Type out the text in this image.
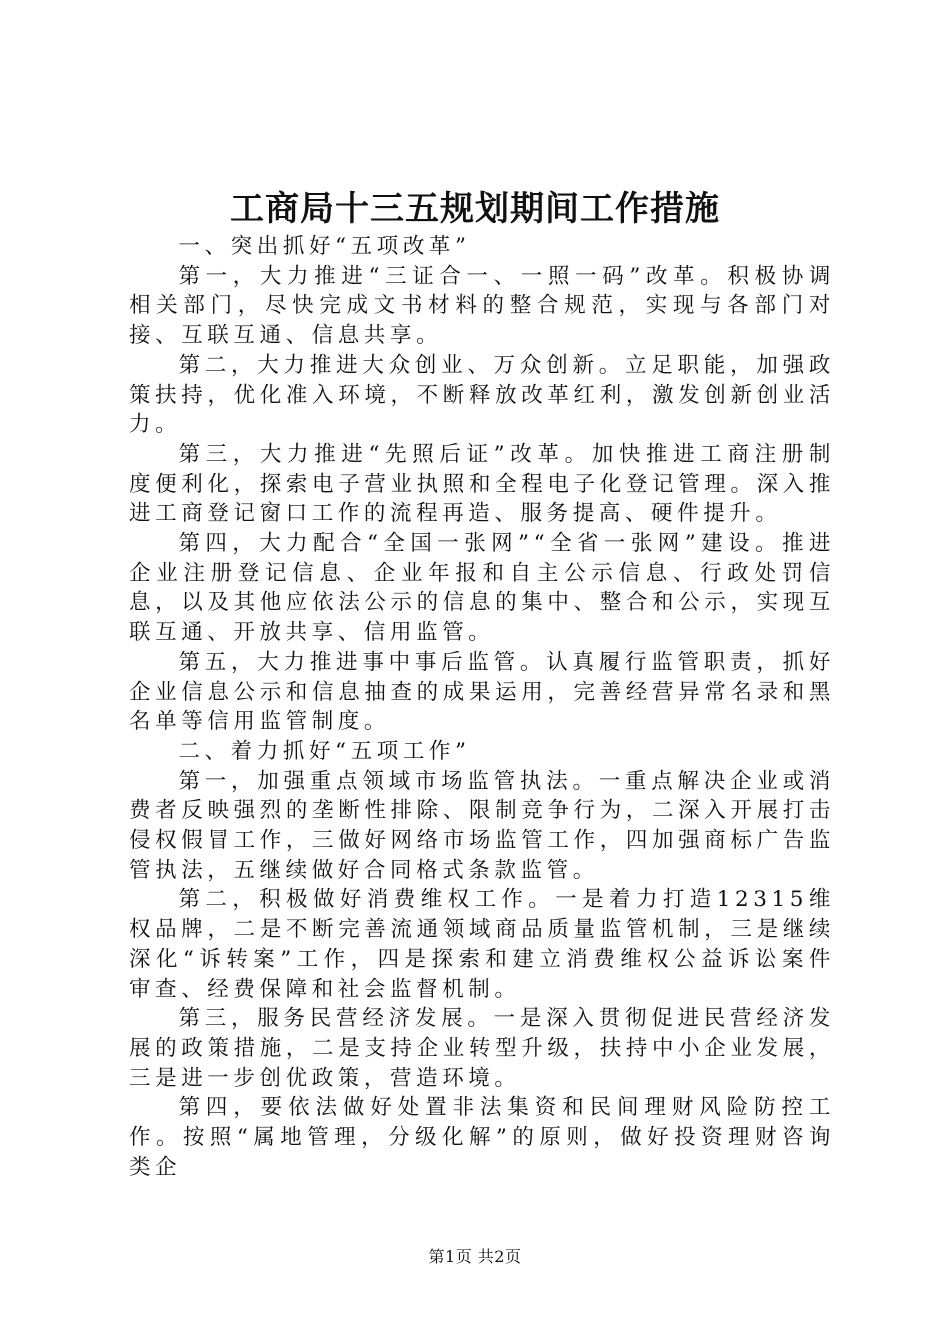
工商局十三五规划期间工作措施

一、突出抓好“五项改革”

第一，大力推进“三证合一、一照一码”改革。积极协调相关部门，尽快完成文书材料的整合规范，实现与各部门对接、互联互通、信息共享。

第二，大力推进大众创业、万众创新。立足职能，加强政策扶持，优化准入环境，不断释放改革红利，激发创新创业活力。

第三，大力推进“先照后证”改革。加快推进工商注册制度便利化，探索电子营业执照和全程电子化登记管理。深入推进工商登记窗口工作的流程再造、服务提高、硬件提升。

第四，大力配合“全国一张网”“全省一张网”建设。推进企业注册登记信息、企业年报和自主公示信息、行政处罚信息，以及其他应依法公示的信息的集中、整合和公示，实现互联互通、开放共享、信用监管。

第五，大力推进事中事后监管。认真履行监管职责，抓好企业信息公示和信息抽查的成果运用，完善经营异常名录和黑名单等信用监管制度。

二、着力抓好“五项工作”

第一，加强重点领域市场监管执法。一重点解决企业或消费者反映强烈的垄断性排除、限制竞争行为，二深入开展打击侵权假冒工作，三做好网络市场监管工作，四加强商标广告监管执法，五继续做好合同格式条款监管。

第二，积极做好消费维权工作。一是着力打造12315维权品牌，二是不断完善流通领域商品质量监管机制，三是继续深化“诉转案”工作，四是探索和建立消费维权公益诉讼案件审查、经费保障和社会监督机制。

第三，服务民营经济发展。一是深入贯彻促进民营经济发展的政策措施，二是支持企业转型升级，扶持中小企业发展，三是进一步创优政策，营造环境。

第四，要依法做好处置非法集资和民间理财风险防控工作。按照“属地管理，分级化解”的原则，做好投资理财咨询类企

第1页 共2页
